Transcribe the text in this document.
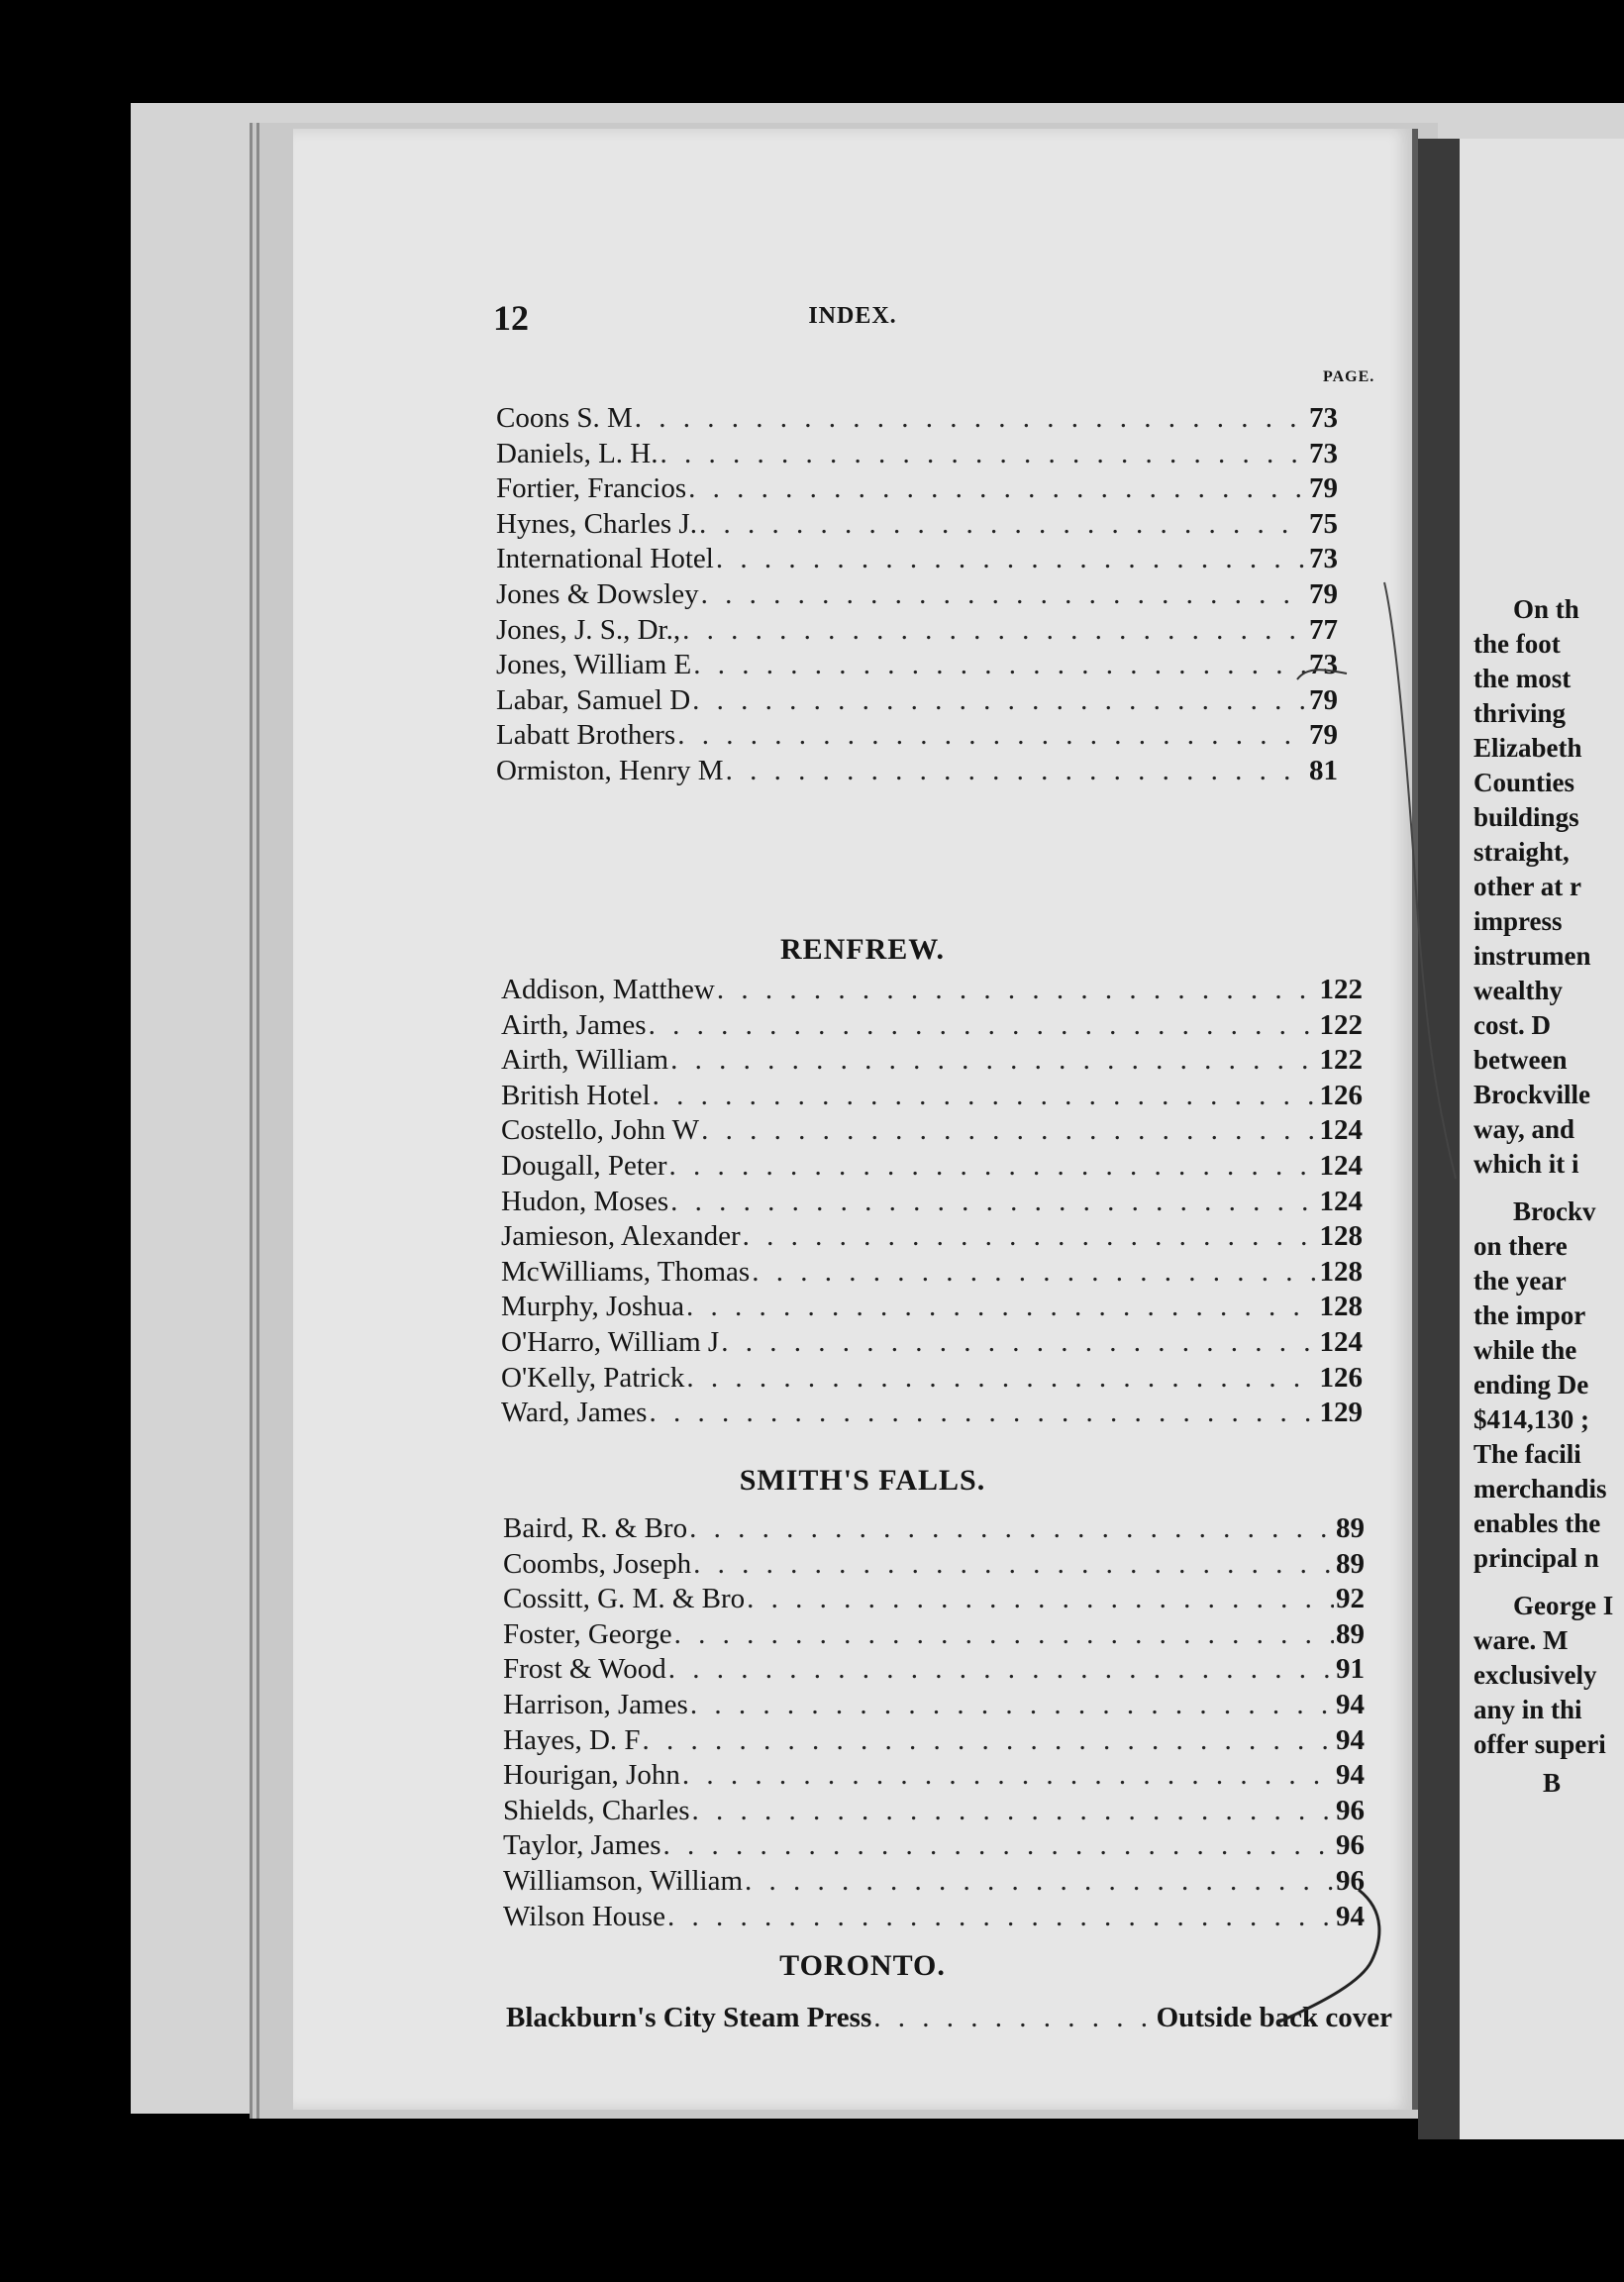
12	INDEX.
PAGE.
Coons S. M . . .	73
Daniels, L. H. . . .	73
Fortier, Francios . . .	79
Hynes, Charles J. . . .	75
International Hotel . . .	73
Jones & Dowsley . . .	79
Jones, J. S., Dr., . . .	77
Jones, William E . . .	73
Labar, Samuel D . . .	79
Labatt Brothers . . .	79
Ormiston, Henry M . . .	81
RENFREW.
Addison, Matthew . . .	122
Airth, James . . .	122
Airth, William . . .	122
British Hotel . . .	126
Costello, John W . . .	124
Dougall, Peter . . .	124
Hudon, Moses . . .	124
Jamieson, Alexander . . .	128
McWilliams, Thomas . . .	128
Murphy, Joshua . . .	128
O'Harro, William J . . .	124
O'Kelly, Patrick . . .	126
Ward, James . . .	129
SMITH'S FALLS.
Baird, R. & Bro . . .	89
Coombs, Joseph . . .	89
Cossitt, G. M. & Bro . . .	92
Foster, George . . .	89
Frost & Wood . . .	91
Harrison, James . . .	94
Hayes, D. F . . .	94
Hourigan, John . . .	94
Shields, Charles . . .	96
Taylor, James . . .	96
Williamson, William . . .	96
Wilson House . . .	94
TORONTO.
Blackburn's City Steam Press . . .	Outside back cover
On th
the foot
the most
thriving
Elizabeth
Counties
buildings
straight,
other at r
impress
instrumen
wealthy
cost. D
between
Brockville
way, and
which it i
Brockv
on there
the year
the impor
while the
ending De
$414,130 ;
The facili
merchandis
enables the
principal n
George I
ware. M
exclusively
any in thi
offer superi
B
